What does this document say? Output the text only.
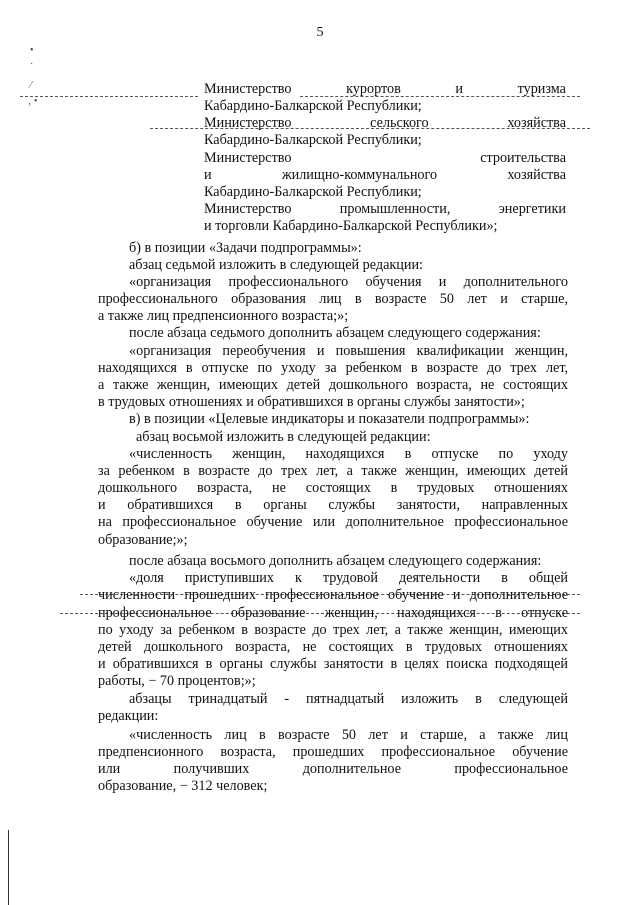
5
•
˙
⁄
‚ •
Министерство курортов и туризма
Кабардино-Балкарской Республики;
Министерство сельского хозяйства
Кабардино-Балкарской Республики;
Министерство строительства
и жилищно-коммунального хозяйства
Кабардино-Балкарской Республики;
Министерство промышленности, энергетики
и торговли Кабардино-Балкарской Республики»;
б) в позиции «Задачи подпрограммы»:
абзац седьмой изложить в следующей редакции:
«организация профессионального обучения и дополнительного
профессионального образования лиц в возрасте 50 лет и старше,
а также лиц предпенсионного возраста;»;
после абзаца седьмого дополнить абзацем следующего содержания:
«организация переобучения и повышения квалификации женщин,
находящихся в отпуске по уходу за ребенком в возрасте до трех лет,
а также женщин, имеющих детей дошкольного возраста, не состоящих
в трудовых отношениях и обратившихся в органы службы занятости»;
в) в позиции «Целевые индикаторы и показатели подпрограммы»:
абзац восьмой изложить в следующей редакции:
«численность женщин, находящихся в отпуске по уходу
за ребенком в возрасте до трех лет, а также женщин, имеющих детей
дошкольного возраста, не состоящих в трудовых отношениях
и обратившихся в органы службы занятости, направленных
на профессиональное обучение или дополнительное профессиональное
образование;»;
после абзаца восьмого дополнить абзацем следующего содержания:
«доля приступивших к трудовой деятельности в общей
численности прошедших профессиональное обучение и дополнительное
профессиональное образование женщин, находящихся в отпуске
по уходу за ребенком в возрасте до трех лет, а также женщин, имеющих
детей дошкольного возраста, не состоящих в трудовых отношениях
и обратившихся в органы службы занятости в целях поиска подходящей
работы, − 70 процентов;»;
абзацы тринадцатый - пятнадцатый изложить в следующей
редакции:
«численность лиц в возрасте 50 лет и старше, а также лиц
предпенсионного возраста, прошедших профессиональное обучение
или получивших дополнительное профессиональное
образование, − 312 человек;
